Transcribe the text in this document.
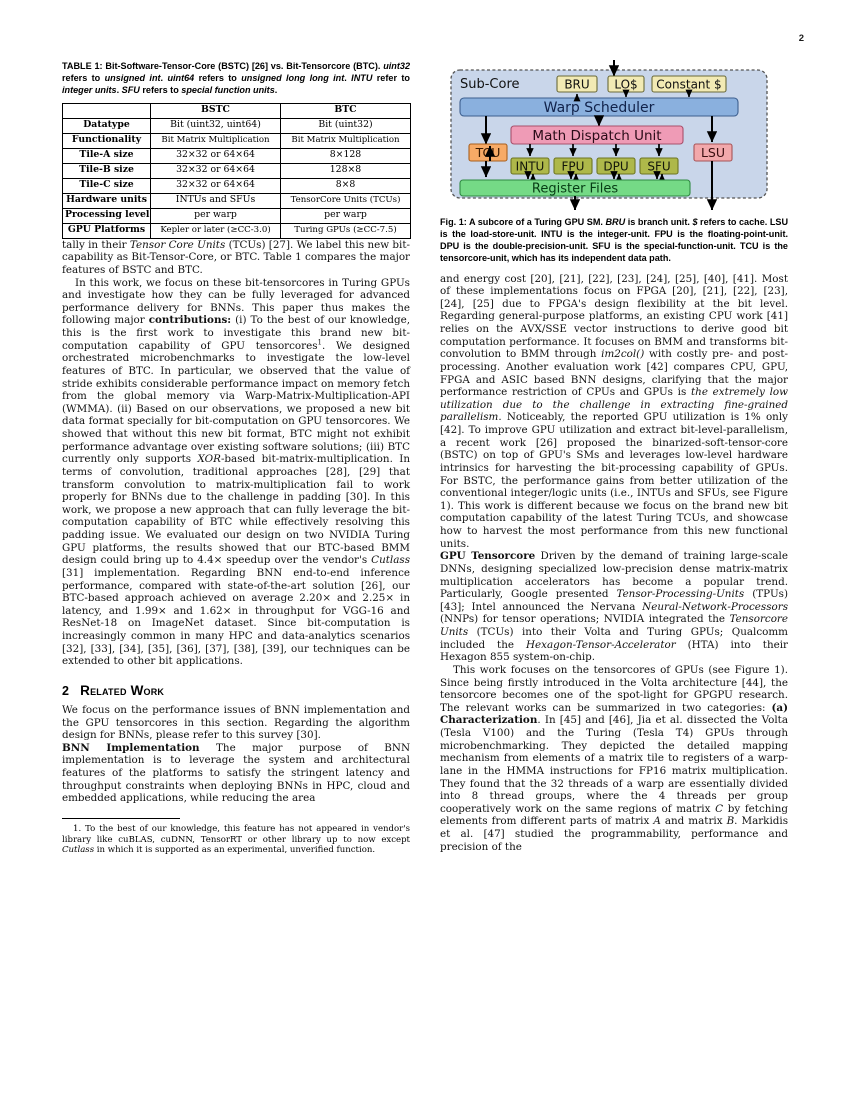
2
TABLE 1: Bit-Software-Tensor-Core (BSTC) [26] vs. Bit-Tensorcore (BTC). uint32 refers to unsigned int. uint64 refers to unsigned long long int. INTU refer to integer units. SFU refers to special function units.
	BSTC	BTC
Datatype	Bit (uint32, uint64)	Bit (uint32)
Functionality	Bit Matrix Multiplication	Bit Matrix Multiplication
Tile-A size	32×32 or 64×64	8×128
Tile-B size	32×32 or 64×64	128×8
Tile-C size	32×32 or 64×64	8×8
Hardware units	INTUs and SFUs	TensorCore Units (TCUs)
Processing level	per warp	per warp
GPU Platforms	Kepler or later (≥CC-3.0)	Turing GPUs (≥CC-7.5)

tally in their Tensor Core Units (TCUs) [27]. We label this new bit-capability as Bit-Tensor-Core, or BTC. Table 1 compares the major features of BSTC and BTC.

In this work, we focus on these bit-tensorcores in Turing GPUs and investigate how they can be fully leveraged for advanced performance delivery for BNNs. This paper thus makes the following major contributions: (i) To the best of our knowledge, this is the first work to investigate this brand new bit-computation capability of GPU tensorcores$^1$. We designed orchestrated microbenchmarks to investigate the low-level features of BTC. In particular, we observed that the value of stride exhibits considerable performance impact on memory fetch from the global memory via Warp-Matrix-Multiplication-API (WMMA). (ii) Based on our observations, we proposed a new bit data format specially for bit-computation on GPU tensorcores. We showed that without this new bit format, BTC might not exhibit performance advantage over existing software solutions; (iii) BTC currently only supports XOR-based bit-matrix-multiplication. In terms of convolution, traditional approaches [28], [29] that transform convolution to matrix-multiplication fail to work properly for BNNs due to the challenge in padding [30]. In this work, we propose a new approach that can fully leverage the bit-computation capability of BTC while effectively resolving this padding issue. We evaluated our design on two NVIDIA Turing GPU platforms, the results showed that our BTC-based BMM design could bring up to 4.4× speedup over the vendor's Cutlass [31] implementation. Regarding BNN end-to-end inference performance, compared with state-of-the-art solution [26], our BTC-based approach achieved on average 2.20× and 2.25× in latency, and 1.99× and 1.62× in throughput for VGG-16 and ResNet-18 on ImageNet dataset. Since bit-computation is increasingly common in many HPC and data-analytics scenarios [32], [33], [34], [35], [36], [37], [38], [39], our techniques can be extended to other bit applications.

2 Related Work

We focus on the performance issues of BNN implementation and the GPU tensorcores in this section. Regarding the algorithm design for BNNs, please refer to this survey [30].

BNN Implementation The major purpose of BNN implementation is to leverage the system and architectural features of the platforms to satisfy the stringent latency and throughput constraints when deploying BNNs in HPC, cloud and embedded applications, while reducing the area

1. To the best of our knowledge, this feature has not appeared in vendor's library like cuBLAS, cuDNN, TensorRT or other library up to now except Cutlass in which it is supported as an experimental, unverified function.

Sub-Core	BRU LO$ Constant $
Warp Scheduler
Math Dispatch Unit
TCU	LSU
INTU FPU DPU SFU
Register Files
Fig. 1: A subcore of a Turing GPU SM. BRU is branch unit. $ refers to cache. LSU is the load-store-unit. INTU is the integer-unit. FPU is the floating-point-unit. DPU is the double-precision-unit. SFU is the special-function-unit. TCU is the tensorcore-unit, which has its independent data path.

and energy cost [20], [21], [22], [23], [24], [25], [40], [41]. Most of these implementations focus on FPGA [20], [21], [22], [23], [24], [25] due to FPGA's design flexibility at the bit level. Regarding general-purpose platforms, an existing CPU work [41] relies on the AVX/SSE vector instructions to derive good bit computation performance. It focuses on BMM and transforms bit-convolution to BMM through im2col() with costly pre- and post-processing. Another evaluation work [42] compares CPU, GPU, FPGA and ASIC based BNN designs, clarifying that the major performance restriction of CPUs and GPUs is the extremely low utilization due to the challenge in extracting fine-grained parallelism. Noticeably, the reported GPU utilization is 1% only [42]. To improve GPU utilization and extract bit-level-parallelism, a recent work [26] proposed the binarized-soft-tensor-core (BSTC) on top of GPU's SMs and leverages low-level hardware intrinsics for harvesting the bit-processing capability of GPUs. For BSTC, the performance gains from better utilization of the conventional integer/logic units (i.e., INTUs and SFUs, see Figure 1). This work is different because we focus on the brand new bit computation capability of the latest Turing TCUs, and showcase how to harvest the most performance from this new functional units.

GPU Tensorcore Driven by the demand of training large-scale DNNs, designing specialized low-precision dense matrix-matrix multiplication accelerators has become a popular trend. Particularly, Google presented Tensor-Processing-Units (TPUs) [43]; Intel announced the Nervana Neural-Network-Processors (NNPs) for tensor operations; NVIDIA integrated the Tensorcore Units (TCUs) into their Volta and Turing GPUs; Qualcomm included the Hexagon-Tensor-Accelerator (HTA) into their Hexagon 855 system-on-chip.

This work focuses on the tensorcores of GPUs (see Figure 1). Since being firstly introduced in the Volta architecture [44], the tensorcore becomes one of the spot-light for GPGPU research. The relevant works can be summarized in two categories: (a) Characterization. In [45] and [46], Jia et al. dissected the Volta (Tesla V100) and the Turing (Tesla T4) GPUs through microbenchmarking. They depicted the detailed mapping mechanism from elements of a matrix tile to registers of a warp-lane in the HMMA instructions for FP16 matrix multiplication. They found that the 32 threads of a warp are essentially divided into 8 thread groups, where the 4 threads per group cooperatively work on the same regions of matrix C by fetching elements from different parts of matrix A and matrix B. Markidis et al. [47] studied the programmability, performance and precision of the
